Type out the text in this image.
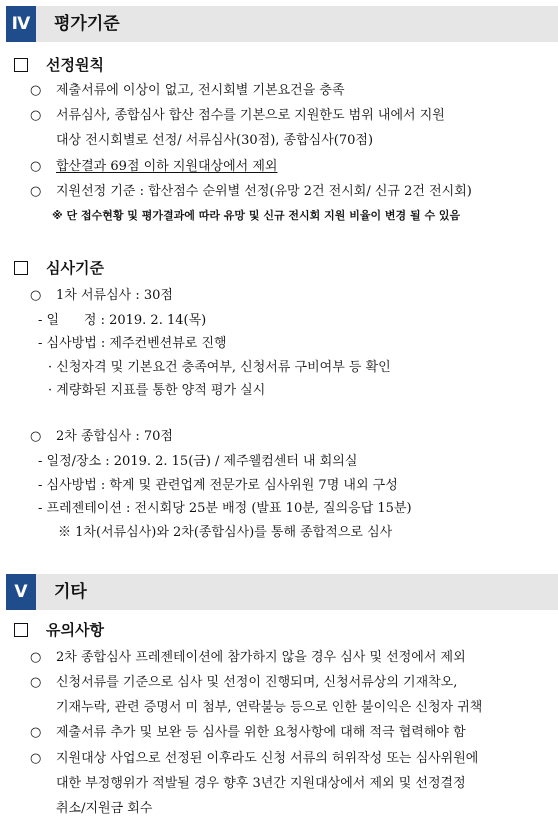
Ⅳ	평가기준
선정원칙
○ 제출서류에 이상이 없고, 전시회별 기본요건을 충족
○ 서류심사, 종합심사 합산 점수를 기본으로 지원한도 범위 내에서 지원
대상 전시회별로 선정/ 서류심사(30점), 종합심사(70점)
○ 합산결과 69점 이하 지원대상에서 제외
○ 지원선정 기준 : 합산점수 순위별 선정(유망 2건 전시회/ 신규 2건 전시회)
※ 단 접수현황 및 평가결과에 따라 유망 및 신규 전시회 지원 비율이 변경 될 수 있음
심사기준
○ 1차 서류심사 : 30점
- 일      정 : 2019. 2. 14(목)
- 심사방법 : 제주컨벤션뷰로 진행
· 신청자격 및 기본요건 충족여부, 신청서류 구비여부 등 확인
· 계량화된 지표를 통한 양적 평가 실시
○ 2차 종합심사 : 70점
- 일정/장소 : 2019. 2. 15(금) / 제주웰컴센터 내 회의실
- 심사방법 : 학계 및 관련업계 전문가로 심사위원 7명 내외 구성
- 프레젠테이션 : 전시회당 25분 배정 (발표 10분, 질의응답 15분)
※ 1차(서류심사)와 2차(종합심사)를 통해 종합적으로 심사
Ⅴ	기타
유의사항
○ 2차 종합심사 프레젠테이션에 참가하지 않을 경우 심사 및 선정에서 제외
○ 신청서류를 기준으로 심사 및 선정이 진행되며, 신청서류상의 기재착오,
기재누락, 관련 증명서 미 첨부, 연락불능 등으로 인한 불이익은 신청자 귀책
○ 제출서류 추가 및 보완 등 심사를 위한 요청사항에 대해 적극 협력해야 함
○ 지원대상 사업으로 선정된 이후라도 신청 서류의 허위작성 또는 심사위원에
대한 부정행위가 적발될 경우 향후 3년간 지원대상에서 제외 및 선정결정
취소/지원금 회수
